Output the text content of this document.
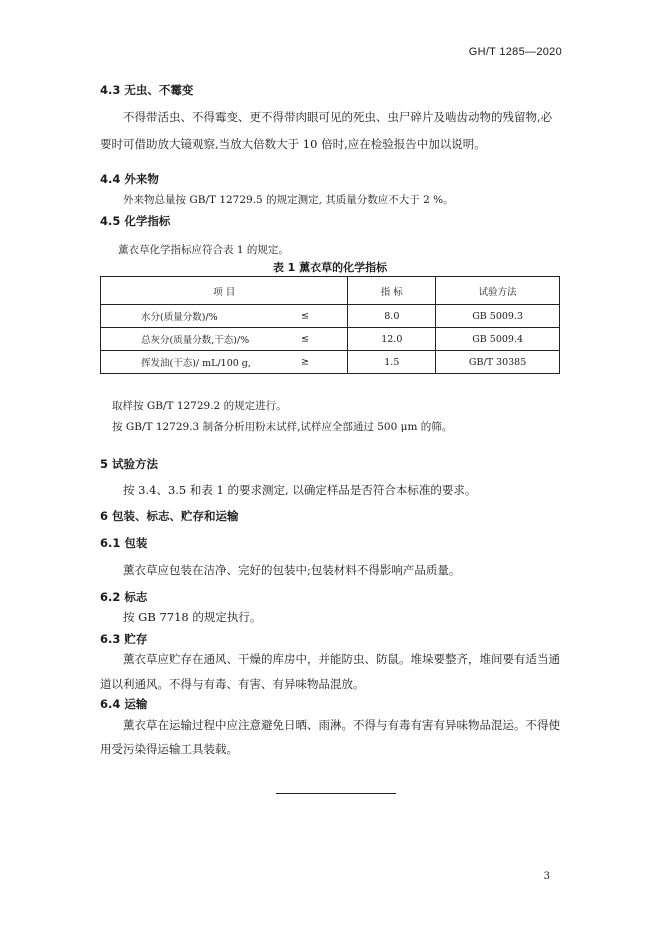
GH/T 1285—2020
4.3 无虫、不霉变
不得带活虫、不得霉变、更不得带肉眼可见的死虫、虫尸碎片及啮齿动物的残留物,必
要时可借助放大镜观察,当放大倍数大于 10 倍时,应在检验报告中加以说明。
4.4 外来物
外来物总量按 GB/T 12729.5 的规定测定, 其质量分数应不大于 2 %。
4.5 化学指标
薰衣草化学指标应符合表 1 的规定。
表 1 薰衣草的化学指标
项 目	指 标	试验方法

水分(质量分数)/% ≤	8.0	GB 5009.3

总灰分(质量分数,干态)/% ≤	12.0	GB 5009.4

挥发油(干态)/ mL/100 g, ≥	1.5	GB/T 30385
取样按 GB/T 12729.2 的规定进行。
按 GB/T 12729.3 制备分析用粉末试样,试样应全部通过 500 μm 的筛。
5 试验方法
按 3.4、3.5 和表 1 的要求测定, 以确定样品是否符合本标准的要求。
6 包装、标志、贮存和运输
6.1 包装
薰衣草应包装在洁净、完好的包装中;包装材料不得影响产品质量。
6.2 标志
按 GB 7718 的规定执行。
6.3 贮存
薰衣草应贮存在通风、干燥的库房中，并能防虫、防鼠。堆垛要整齐，堆间要有适当通
道以利通风。不得与有毒、有害、有异味物品混放。
6.4 运输
薰衣草在运输过程中应注意避免日晒、雨淋。不得与有毒有害有异味物品混运。不得使
用受污染得运输工具装载。
3
